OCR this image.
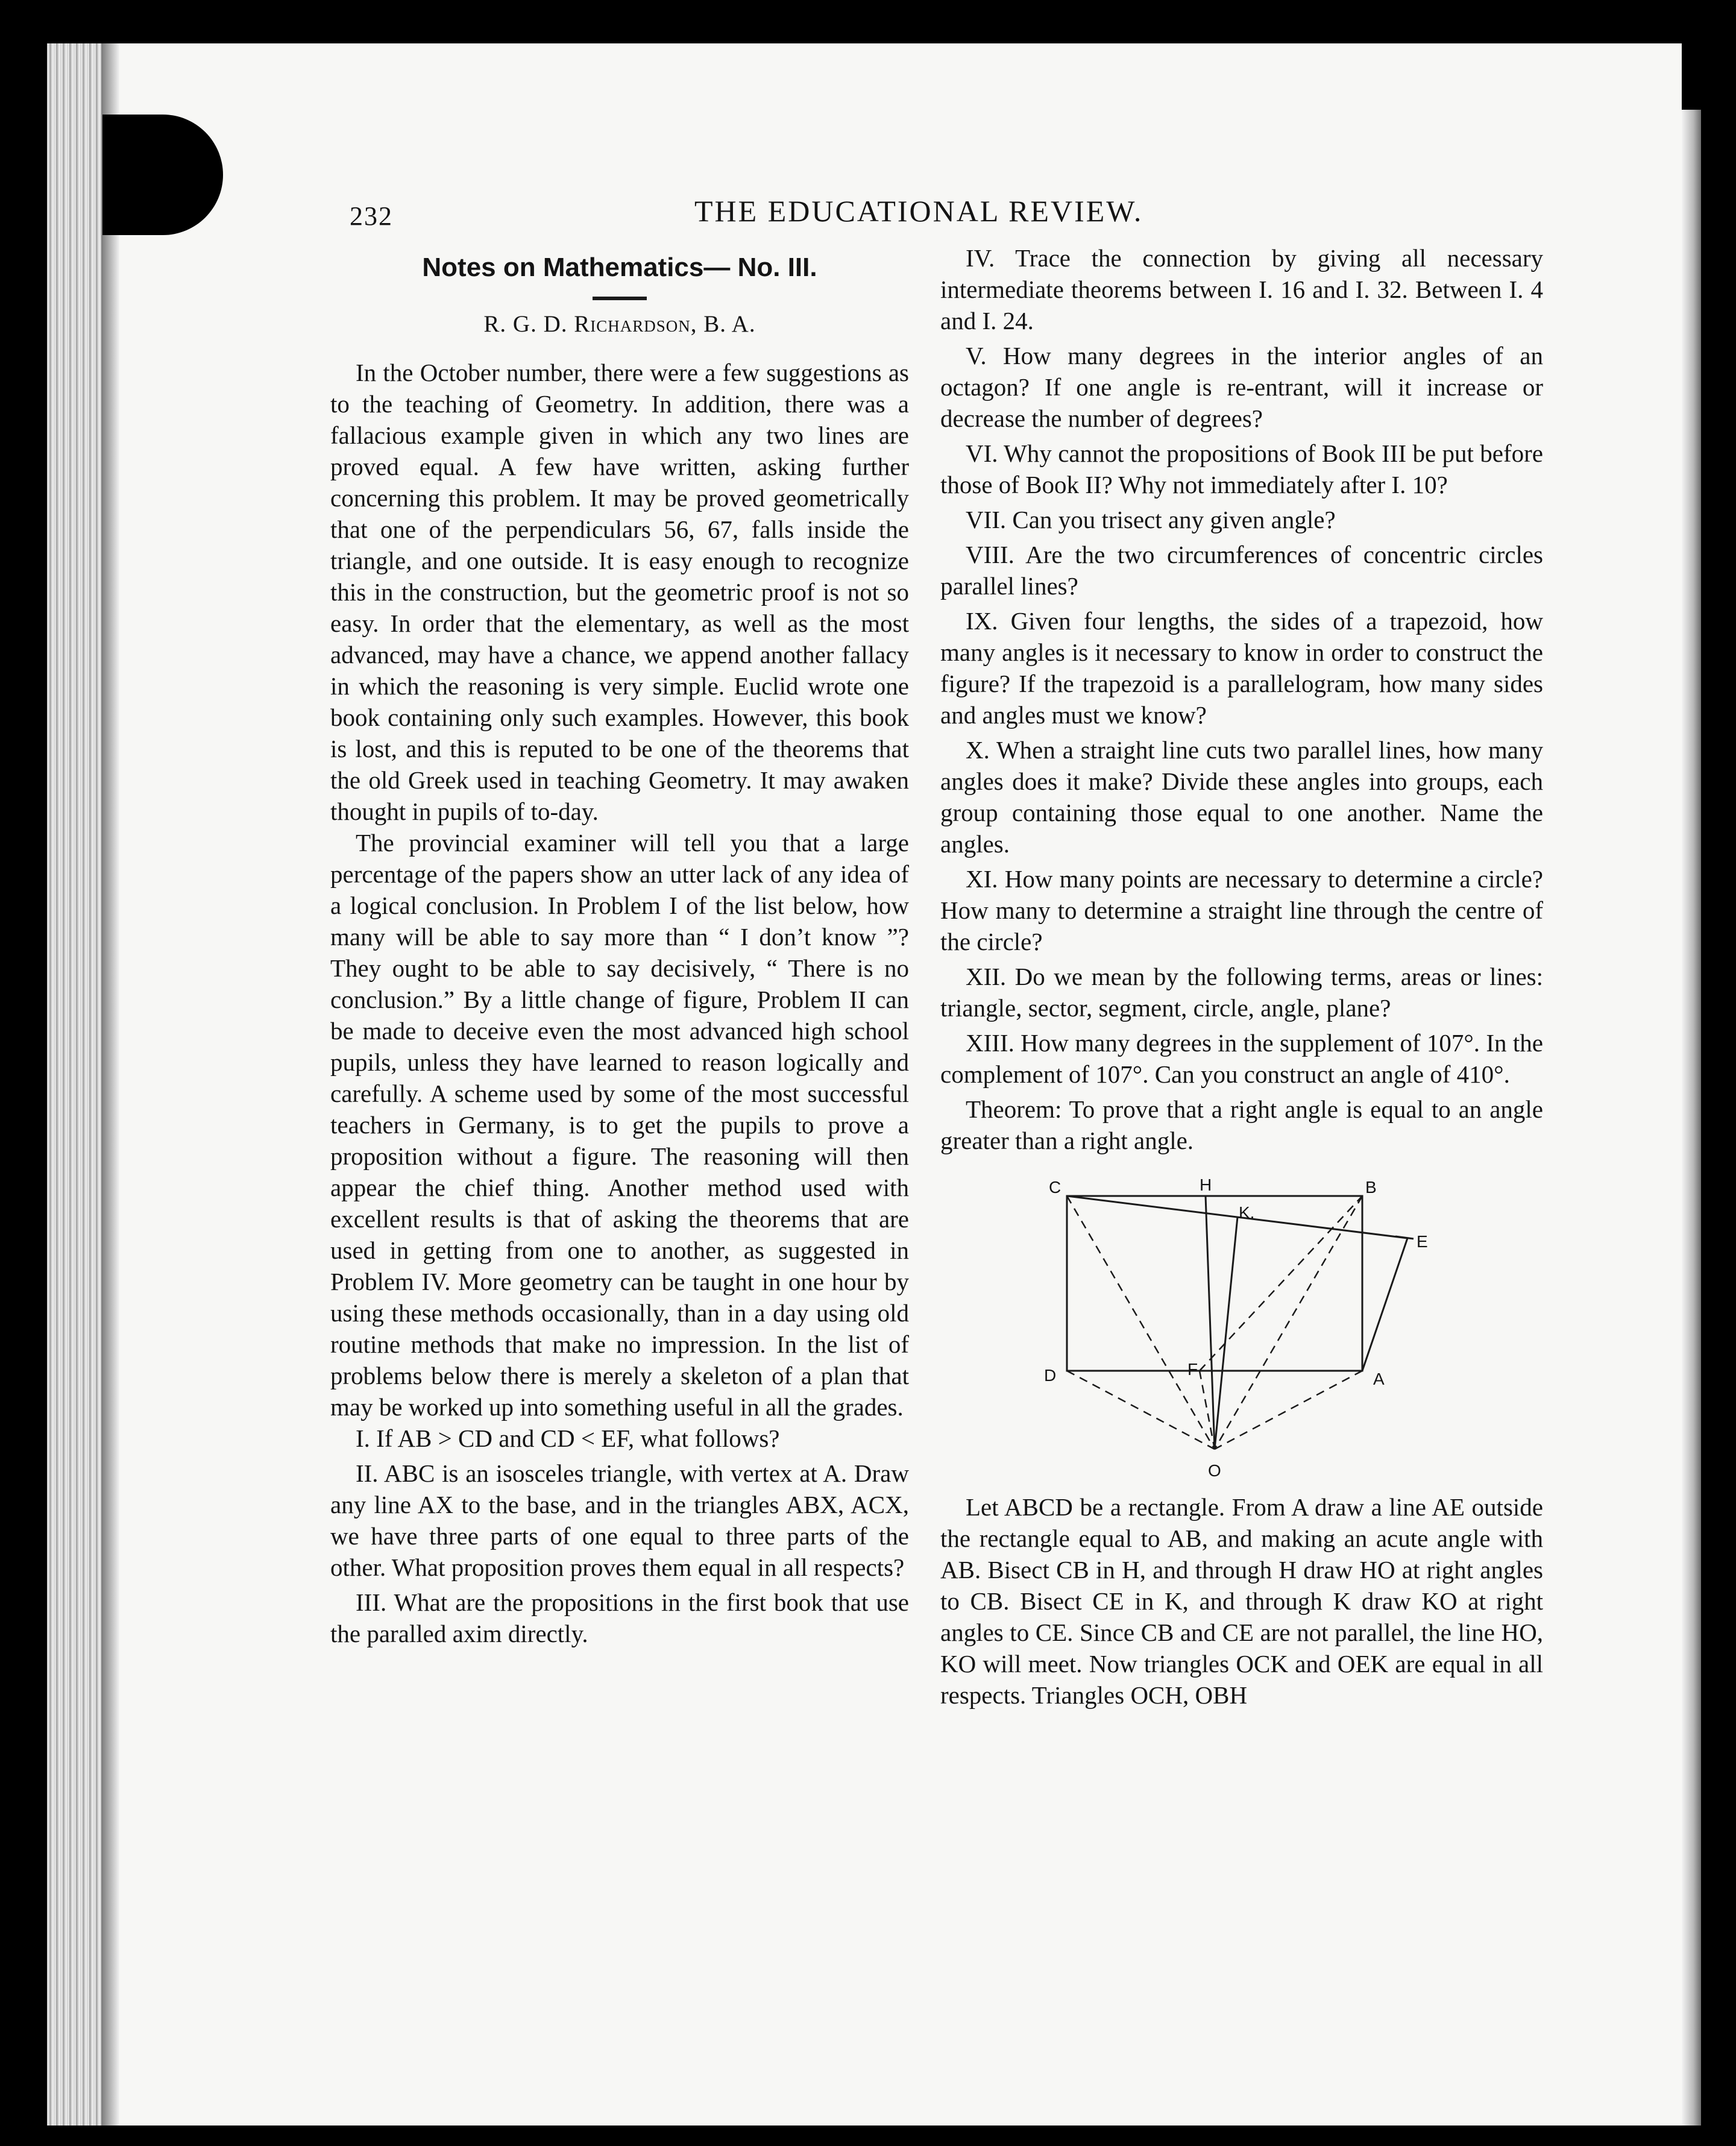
232	THE EDUCATIONAL REVIEW.
Notes on Mathematics— No. III.
R. G. D. Richardson, B. A.

In the October number, there were a few suggestions as to the teaching of Geometry. In addition, there was a fallacious example given in which any two lines are proved equal. A few have written, asking further concerning this problem. It may be proved geometrically that one of the perpendiculars 56, 67, falls inside the triangle, and one outside. It is easy enough to recognize this in the construction, but the geometric proof is not so easy. In order that the elementary, as well as the most advanced, may have a chance, we append another fallacy in which the reasoning is very simple. Euclid wrote one book containing only such examples. However, this book is lost, and this is reputed to be one of the theorems that the old Greek used in teaching Geometry. It may awaken thought in pupils of to-day.

The provincial examiner will tell you that a large percentage of the papers show an utter lack of any idea of a logical conclusion. In Problem I of the list below, how many will be able to say more than “ I don’t know ”? They ought to be able to say decisively, “ There is no conclusion.” By a little change of figure, Problem II can be made to deceive even the most advanced high school pupils, unless they have learned to reason logically and carefully. A scheme used by some of the most successful teachers in Germany, is to get the pupils to prove a proposition without a figure. The reasoning will then appear the chief thing. Another method used with excellent results is that of asking the theorems that are used in getting from one to another, as suggested in Problem IV. More geometry can be taught in one hour by using these methods occasionally, than in a day using old routine methods that make no impression. In the list of problems below there is merely a skeleton of a plan that may be worked up into something useful in all the grades.

I. If AB > CD and CD < EF, what follows?

II. ABC is an isosceles triangle, with vertex at A. Draw any line AX to the base, and in the triangles ABX, ACX, we have three parts of one equal to three parts of the other. What proposition proves them equal in all respects?

III. What are the propositions in the first book that use the paralled axim directly.

IV. Trace the connection by giving all necessary intermediate theorems between I. 16 and I. 32. Between I. 4 and I. 24.

V. How many degrees in the interior angles of an octagon? If one angle is re-entrant, will it increase or decrease the number of degrees?

VI. Why cannot the propositions of Book III be put before those of Book II? Why not immediately after I. 10?

VII. Can you trisect any given angle?

VIII. Are the two circumferences of concentric circles parallel lines?

IX. Given four lengths, the sides of a trapezoid, how many angles is it necessary to know in order to construct the figure? If the trapezoid is a parallelogram, how many sides and angles must we know?

X. When a straight line cuts two parallel lines, how many angles does it make? Divide these angles into groups, each group containing those equal to one another. Name the angles.

XI. How many points are necessary to determine a circle? How many to determine a straight line through the centre of the circle?

XII. Do we mean by the following terms, areas or lines: triangle, sector, segment, circle, angle, plane?

XIII. How many degrees in the supplement of 107°. In the complement of 107°. Can you construct an angle of 410°.

Theorem: To prove that a right angle is equal to an angle greater than a right angle.

C	H	B
K.
E
D	F
A
O

Let ABCD be a rectangle. From A draw a line AE outside the rectangle equal to AB, and making an acute angle with AB. Bisect CB in H, and through H draw HO at right angles to CB. Bisect CE in K, and through K draw KO at right angles to CE. Since CB and CE are not parallel, the line HO, KO will meet. Now triangles OCK and OEK are equal in all respects. Triangles OCH, OBH
